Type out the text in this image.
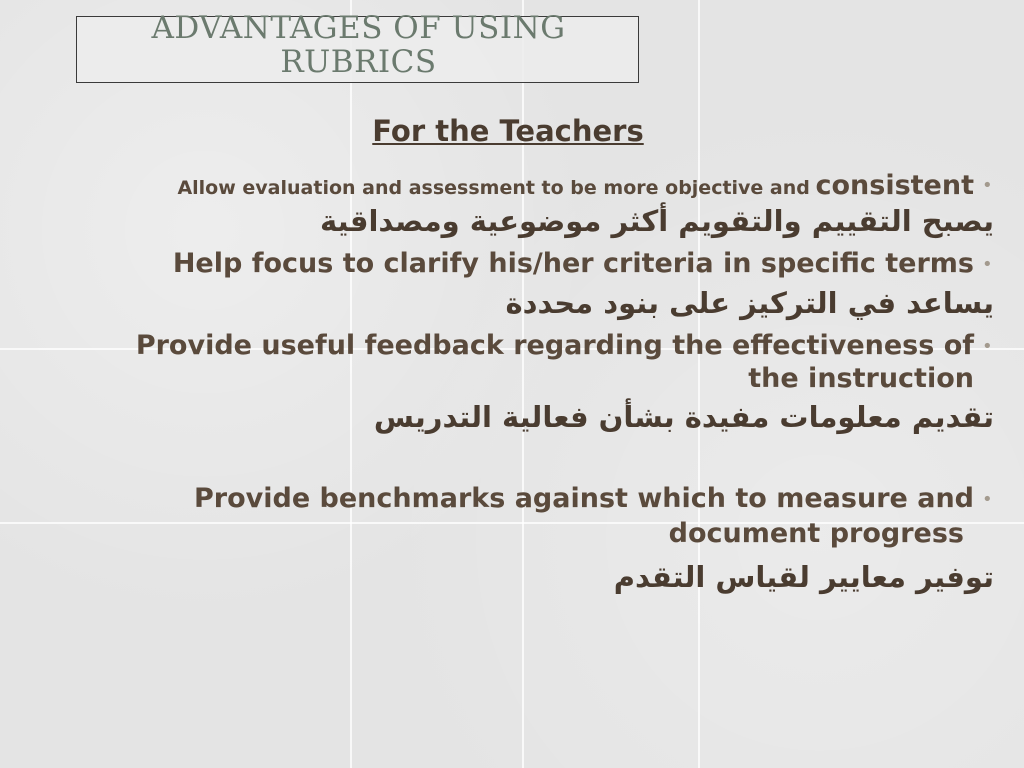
ADVANTAGES OF USING
RUBRICS
For the Teachers
•
Allow evaluation and assessment to be more objective and consistent
يصبح التقييم والتقويم أكثر موضوعية ومصداقية
•
Help focus to clarify his/her criteria in specific terms
يساعد في التركيز على بنود محددة
•
Provide useful feedback regarding the effectiveness of
the instruction
تقديم معلومات مفيدة بشأن فعالية التدريس
•
Provide benchmarks against which to measure and
document progress
توفير معايير لقياس التقدم
